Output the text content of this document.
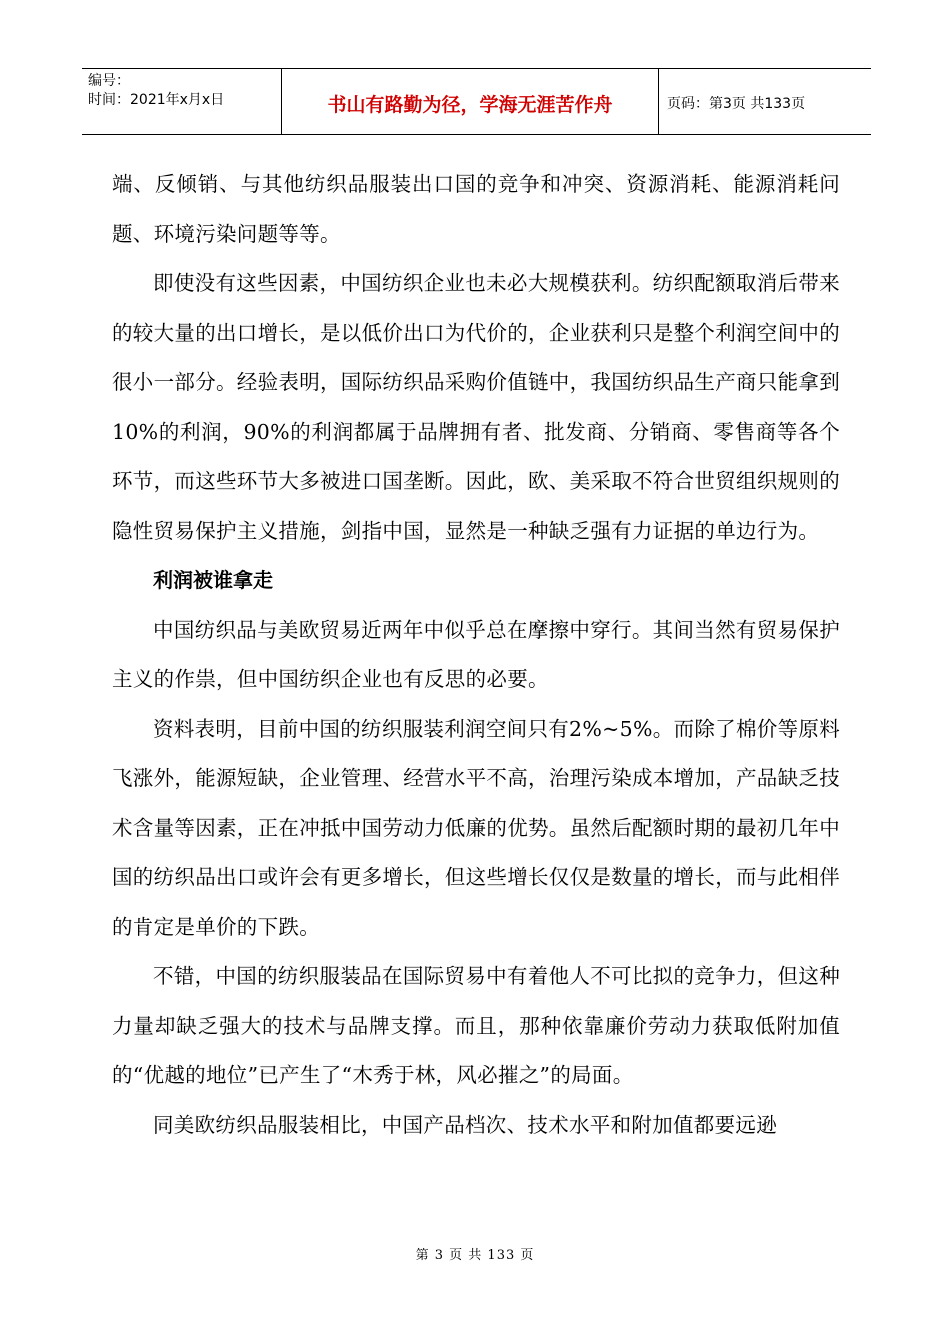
编号：
时间：2021年x月x日	书山有路勤为径，学海无涯苦作舟	页码：第3页 共133页

端、反倾销、与其他纺织品服装出口国的竞争和冲突、资源消耗、能源消耗问题、环境污染问题等等。

即使没有这些因素，中国纺织企业也未必大规模获利。纺织配额取消后带来的较大量的出口增长，是以低价出口为代价的，企业获利只是整个利润空间中的很小一部分。经验表明，国际纺织品采购价值链中，我国纺织品生产商只能拿到10%的利润，90%的利润都属于品牌拥有者、批发商、分销商、零售商等各个环节，而这些环节大多被进口国垄断。因此，欧、美采取不符合世贸组织规则的隐性贸易保护主义措施，剑指中国，显然是一种缺乏强有力证据的单边行为。

利润被谁拿走

中国纺织品与美欧贸易近两年中似乎总在摩擦中穿行。其间当然有贸易保护主义的作祟，但中国纺织企业也有反思的必要。

资料表明，目前中国的纺织服装利润空间只有2%~5%。而除了棉价等原料飞涨外，能源短缺，企业管理、经营水平不高，治理污染成本增加，产品缺乏技术含量等因素，正在冲抵中国劳动力低廉的优势。虽然后配额时期的最初几年中国的纺织品出口或许会有更多增长，但这些增长仅仅是数量的增长，而与此相伴的肯定是单价的下跌。

不错，中国的纺织服装品在国际贸易中有着他人不可比拟的竞争力，但这种力量却缺乏强大的技术与品牌支撑。而且，那种依靠廉价劳动力获取低附加值的“优越的地位”已产生了“木秀于林，风必摧之”的局面。

同美欧纺织品服装相比，中国产品档次、技术水平和附加值都要远逊

第 3 页 共 133 页
